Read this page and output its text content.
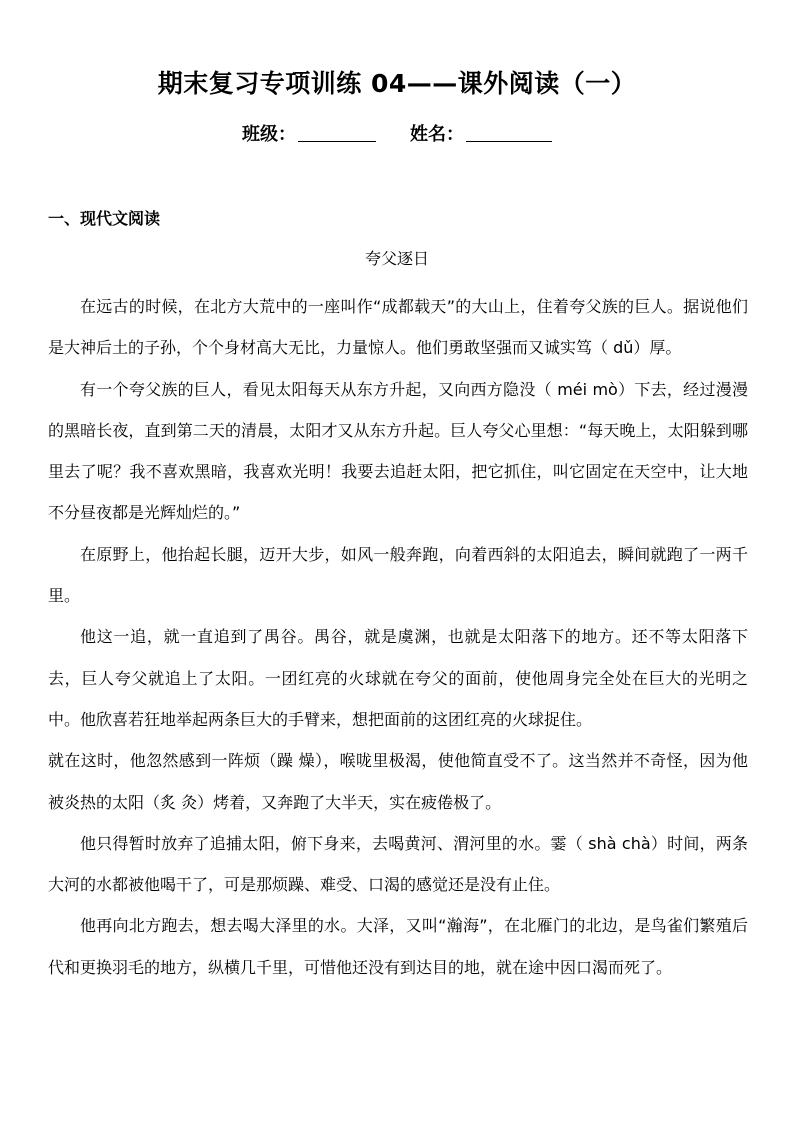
期末复习专项训练 04——课外阅读（一）
班级：	姓名：
一、现代文阅读
夸父逐日

在远古的时候，在北方大荒中的一座叫作“成都载天”的大山上，住着夸父族的巨人。据说他们是大神后土的子孙，个个身材高大无比，力量惊人。他们勇敢坚强而又诚实笃（ dǔ）厚。

有一个夸父族的巨人，看见太阳每天从东方升起，又向西方隐没（ méi mò）下去，经过漫漫的黑暗长夜，直到第二天的清晨，太阳才又从东方升起。巨人夸父心里想：“每天晚上，太阳躲到哪里去了呢？我不喜欢黑暗，我喜欢光明！我要去追赶太阳，把它抓住，叫它固定在天空中，让大地不分昼夜都是光辉灿烂的。”

在原野上，他抬起长腿，迈开大步，如风一般奔跑，向着西斜的太阳追去，瞬间就跑了一两千里。

他这一追，就一直追到了禺谷。禺谷，就是虞渊，也就是太阳落下的地方。还不等太阳落下去，巨人夸父就追上了太阳。一团红亮的火球就在夸父的面前，使他周身完全处在巨大的光明之中。他欣喜若狂地举起两条巨大的手臂来，想把面前的这团红亮的火球捉住。

就在这时，他忽然感到一阵烦（躁 燥），喉咙里极渴，使他简直受不了。这当然并不奇怪，因为他被炎热的太阳（炙 灸）烤着，又奔跑了大半天，实在疲倦极了。

他只得暂时放弃了追捕太阳，俯下身来，去喝黄河、渭河里的水。霎（ shà chà）时间，两条大河的水都被他喝干了，可是那烦躁、难受、口渴的感觉还是没有止住。

他再向北方跑去，想去喝大泽里的水。大泽，又叫“瀚海”，在北雁门的北边，是鸟雀们繁殖后代和更换羽毛的地方，纵横几千里，可惜他还没有到达目的地，就在途中因口渴而死了。
